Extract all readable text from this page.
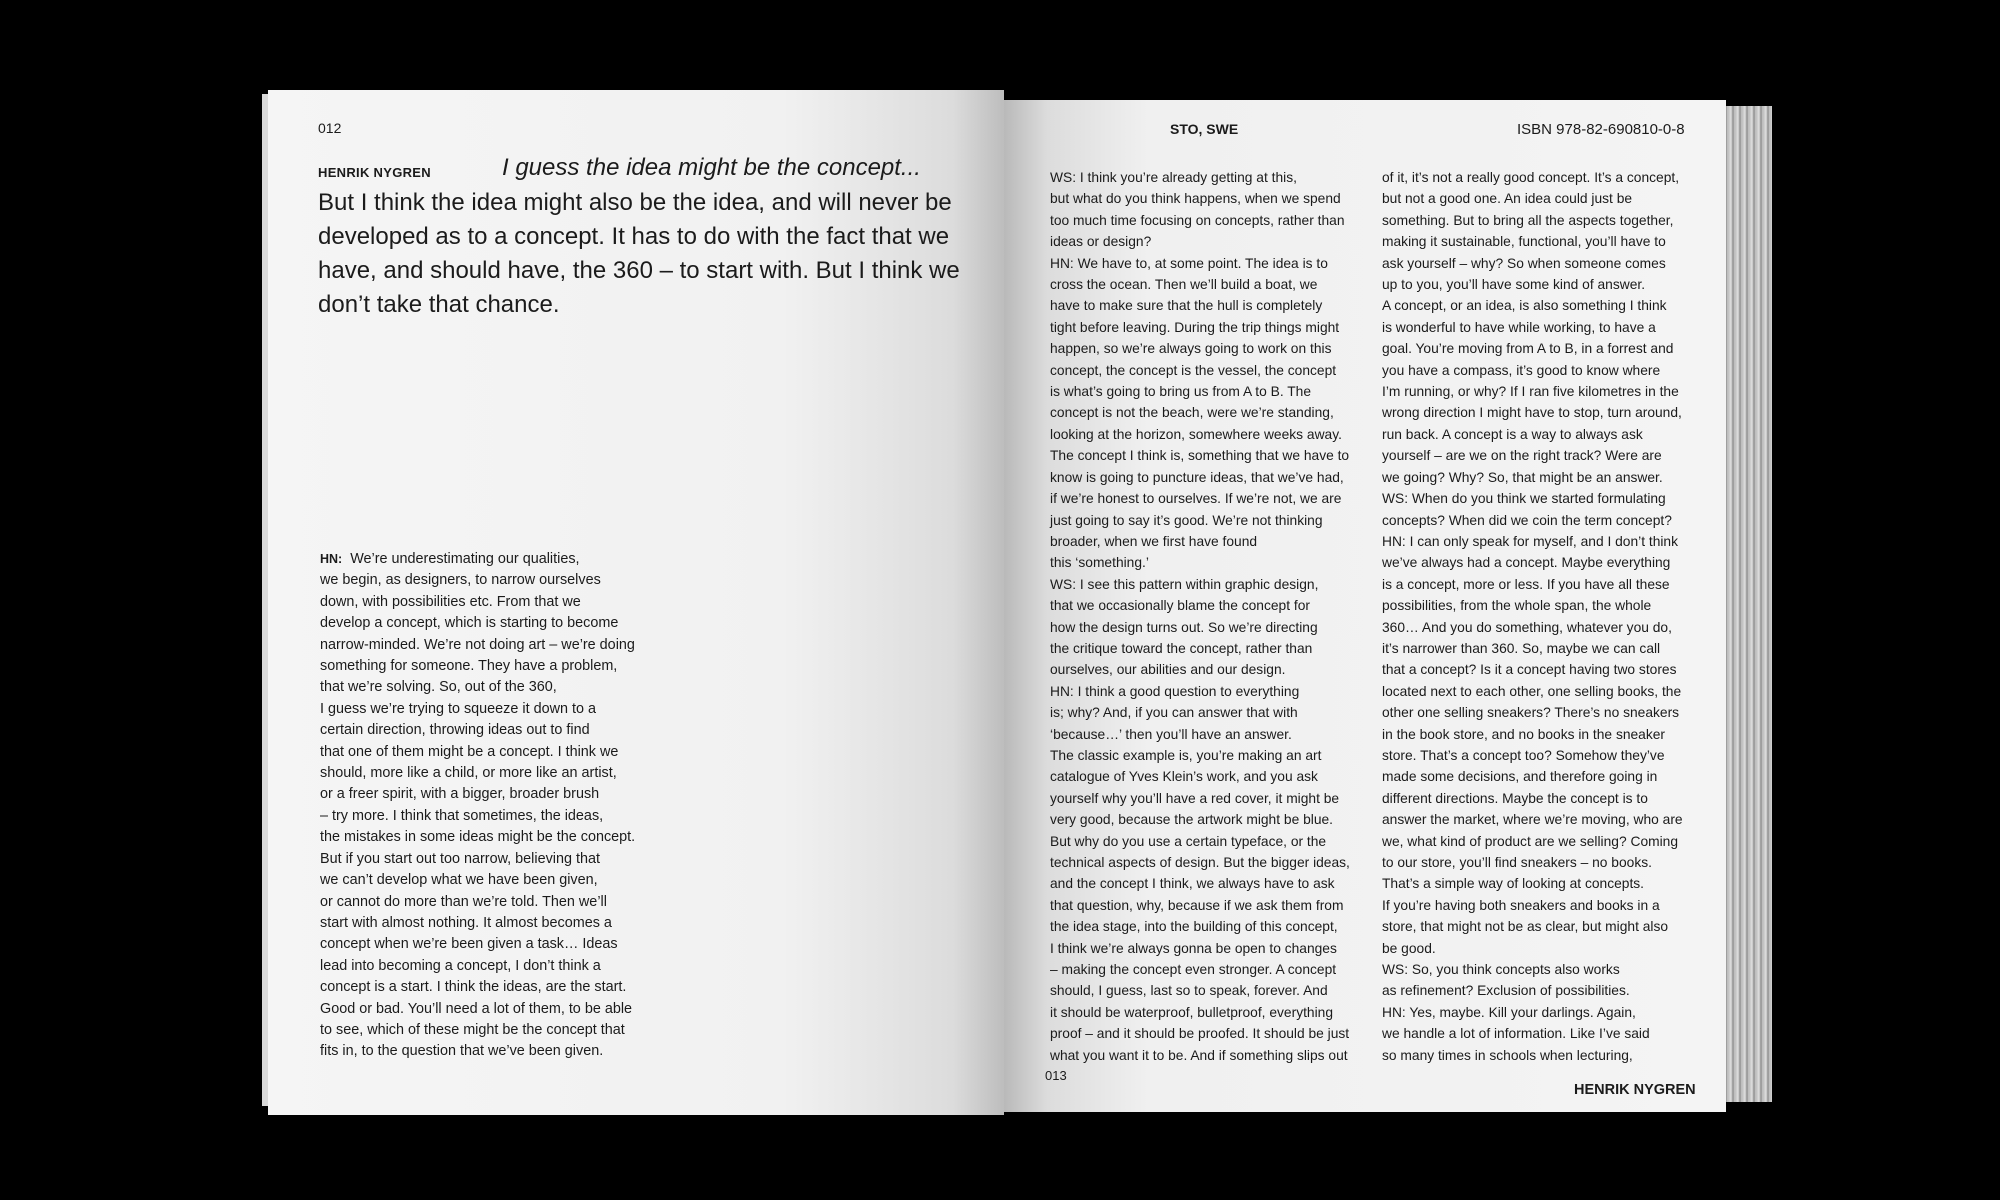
012
HENRIK NYGREN	I guess the idea might be the concept...
But I think the idea might also be the idea, and will never be
developed as to a concept. It has to do with the fact that we
have, and should have, the 360 – to start with. But I think we
don’t take that chance.
HN: We’re underestimating our qualities,
we begin, as designers, to narrow ourselves
down, with possibilities etc. From that we
develop a concept, which is starting to become
narrow-minded. We’re not doing art – we’re doing
something for someone. They have a problem,
that we’re solving. So, out of the 360,
I guess we’re trying to squeeze it down to a
certain direction, throwing ideas out to find
that one of them might be a concept. I think we
should, more like a child, or more like an artist,
or a freer spirit, with a bigger, broader brush
– try more. I think that sometimes, the ideas,
the mistakes in some ideas might be the concept.
But if you start out too narrow, believing that
we can’t develop what we have been given,
or cannot do more than we’re told. Then we’ll
start with almost nothing. It almost becomes a
concept when we’re been given a task… Ideas
lead into becoming a concept, I don’t think a
concept is a start. I think the ideas, are the start.
Good or bad. You’ll need a lot of them, to be able
to see, which of these might be the concept that
fits in, to the question that we’ve been given.
STO, SWE	ISBN 978-82-690810-0-8
WS: I think you’re already getting at this,
but what do you think happens, when we spend
too much time focusing on concepts, rather than
ideas or design?
HN: We have to, at some point. The idea is to
cross the ocean. Then we’ll build a boat, we
have to make sure that the hull is completely
tight before leaving. During the trip things might
happen, so we’re always going to work on this
concept, the concept is the vessel, the concept
is what’s going to bring us from A to B. The
concept is not the beach, were we’re standing,
looking at the horizon, somewhere weeks away.
The concept I think is, something that we have to
know is going to puncture ideas, that we’ve had,
if we’re honest to ourselves. If we’re not, we are
just going to say it’s good. We’re not thinking
broader, when we first have found
this ‘something.’
WS: I see this pattern within graphic design,
that we occasionally blame the concept for
how the design turns out. So we’re directing
the critique toward the concept, rather than
ourselves, our abilities and our design.
HN: I think a good question to everything
is; why? And, if you can answer that with
‘because…’ then you’ll have an answer.
The classic example is, you’re making an art
catalogue of Yves Klein’s work, and you ask
yourself why you’ll have a red cover, it might be
very good, because the artwork might be blue.
But why do you use a certain typeface, or the
technical aspects of design. But the bigger ideas,
and the concept I think, we always have to ask
that question, why, because if we ask them from
the idea stage, into the building of this concept,
I think we’re always gonna be open to changes
– making the concept even stronger. A concept
should, I guess, last so to speak, forever. And
it should be waterproof, bulletproof, everything
proof – and it should be proofed. It should be just
what you want it to be. And if something slips out
of it, it’s not a really good concept. It’s a concept,
but not a good one. An idea could just be
something. But to bring all the aspects together,
making it sustainable, functional, you’ll have to
ask yourself – why? So when someone comes
up to you, you’ll have some kind of answer.
A concept, or an idea, is also something I think
is wonderful to have while working, to have a
goal. You’re moving from A to B, in a forrest and
you have a compass, it’s good to know where
I’m running, or why? If I ran five kilometres in the
wrong direction I might have to stop, turn around,
run back. A concept is a way to always ask
yourself – are we on the right track? Were are
we going? Why? So, that might be an answer.
WS: When do you think we started formulating
concepts? When did we coin the term concept?
HN: I can only speak for myself, and I don’t think
we’ve always had a concept. Maybe everything
is a concept, more or less. If you have all these
possibilities, from the whole span, the whole
360… And you do something, whatever you do,
it’s narrower than 360. So, maybe we can call
that a concept? Is it a concept having two stores
located next to each other, one selling books, the
other one selling sneakers? There’s no sneakers
in the book store, and no books in the sneaker
store. That’s a concept too? Somehow they’ve
made some decisions, and therefore going in
different directions. Maybe the concept is to
answer the market, where we’re moving, who are
we, what kind of product are we selling? Coming
to our store, you’ll find sneakers – no books.
That’s a simple way of looking at concepts.
If you’re having both sneakers and books in a
store, that might not be as clear, but might also
be good.
WS: So, you think concepts also works
as refinement? Exclusion of possibilities.
HN: Yes, maybe. Kill your darlings. Again,
we handle a lot of information. Like I’ve said
so many times in schools when lecturing,
013
HENRIK NYGREN
